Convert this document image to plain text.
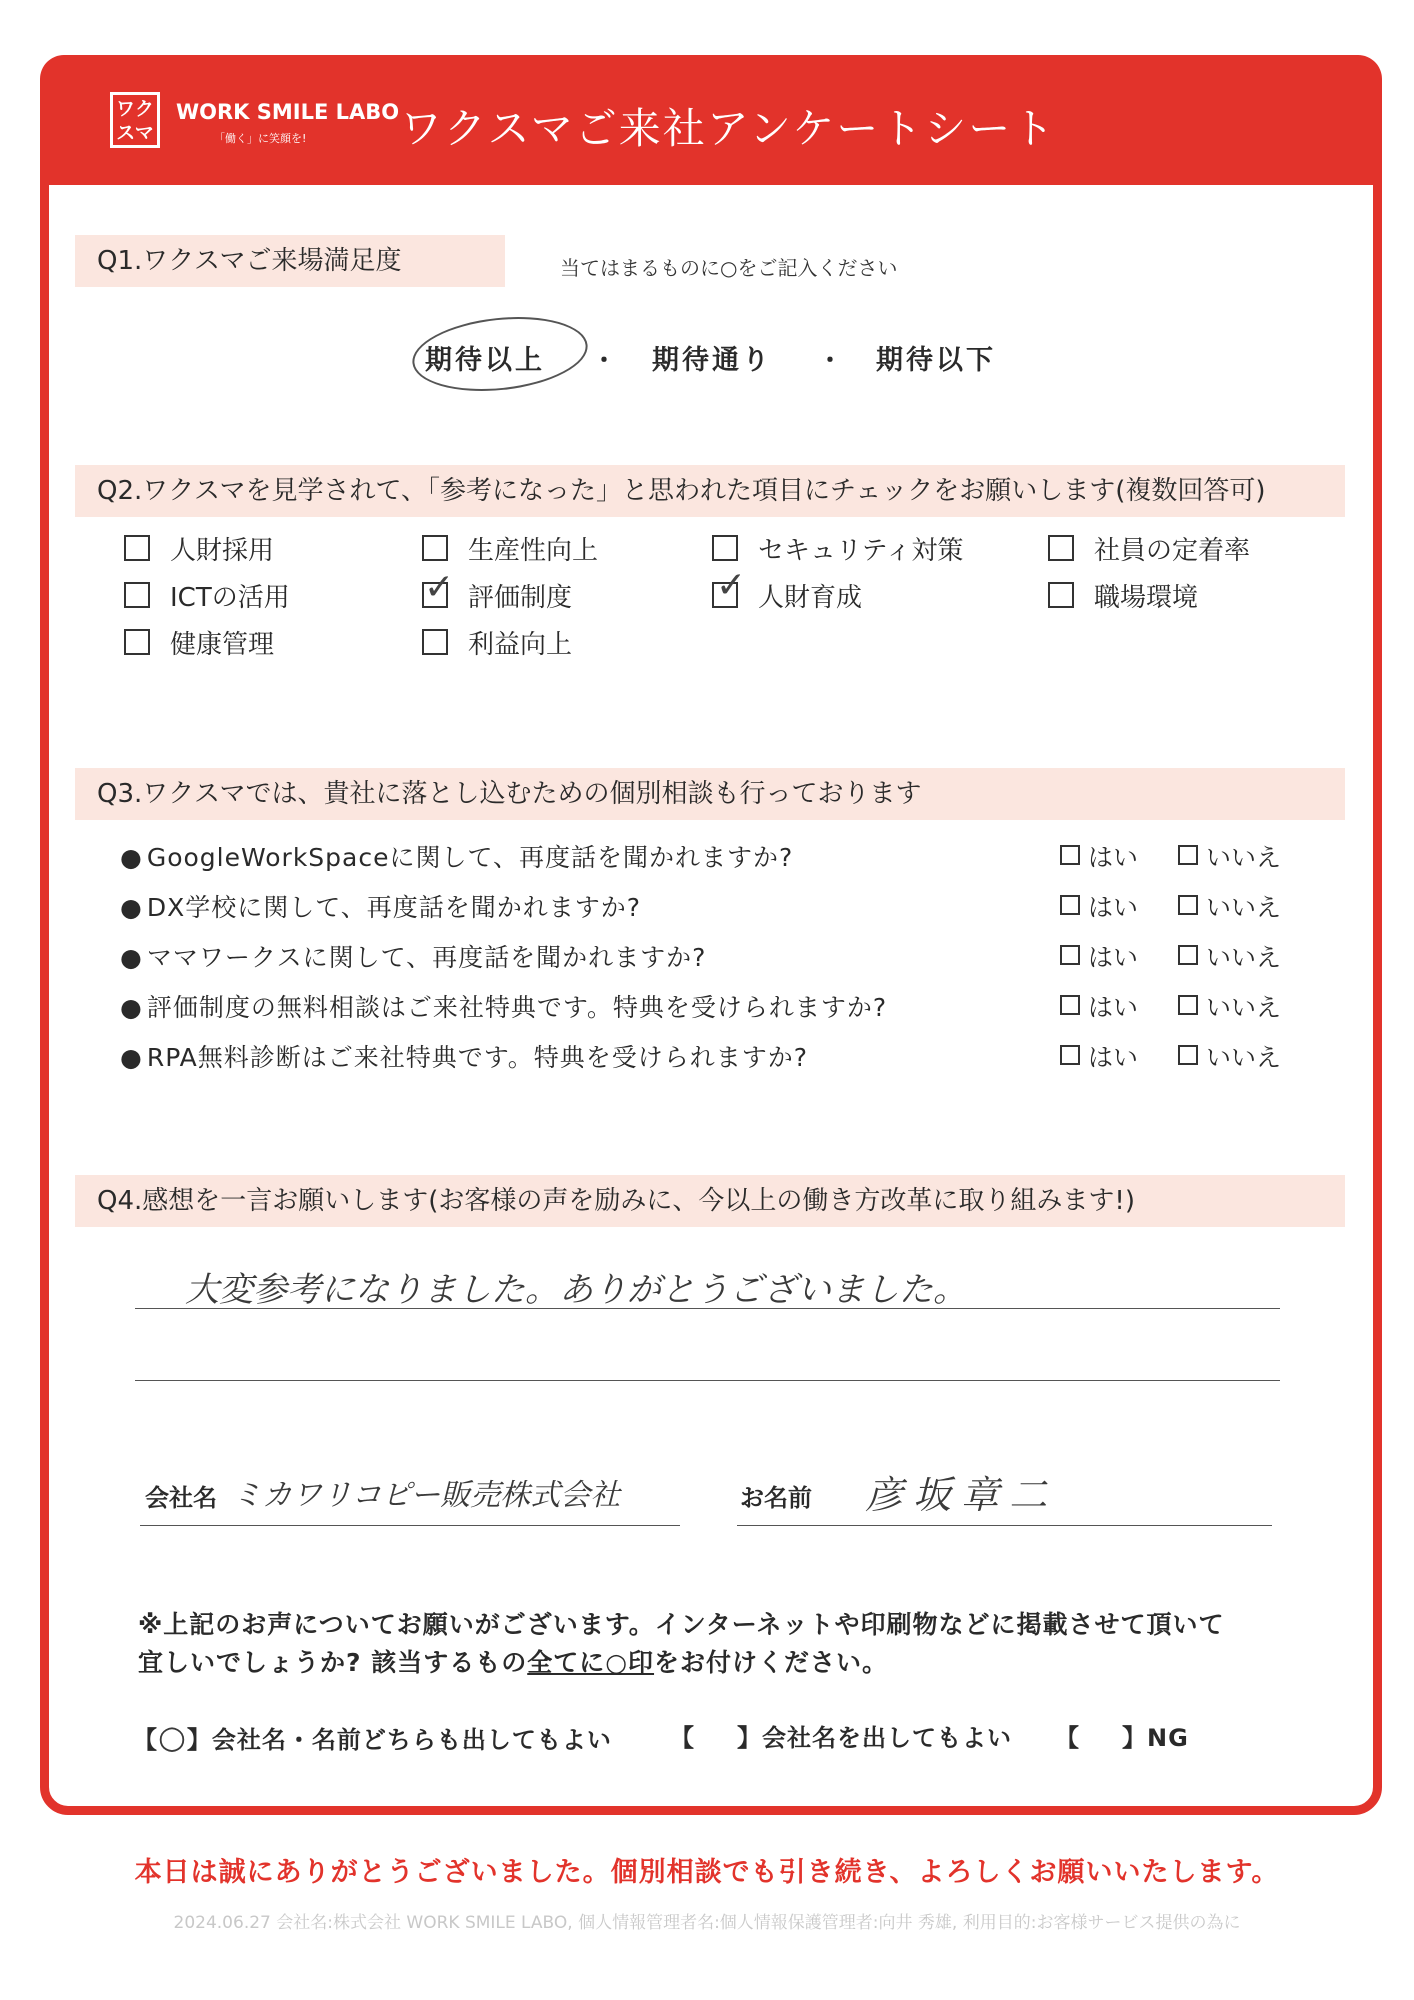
ワク
スマ
WORK SMILE LABO
「働く」に笑顔を! ワクスマご来社アンケートシート
Q1.ワクスマご来場満足度	当てはまるものに○をご記入ください
期待以上 ・ 期待通り ・ 期待以下
Q2.ワクスマを見学されて、「参考になった」と思われた項目にチェックをお願いします(複数回答可)
人財採用	生産性向上	セキュリティ対策	社員の定着率
ICTの活用	✓ 評価制度	✓ 人財育成	職場環境
健康管理	利益向上
Q3.ワクスマでは、貴社に落とし込むための個別相談も行っております
● GoogleWorkSpaceに関して、再度話を聞かれますか?	はい	いいえ
● DX学校に関して、再度話を聞かれますか?	はい	いいえ
● ママワークスに関して、再度話を聞かれますか?	はい	いいえ
● 評価制度の無料相談はご来社特典です。特典を受けられますか?	はい	いいえ
● RPA無料診断はご来社特典です。特典を受けられますか?	はい	いいえ
Q4.感想を一言お願いします(お客様の声を励みに、今以上の働き方改革に取り組みます!)
大変参考になりました。ありがとうございました。
会社名 ミカワリコピー販売株式会社	お名前 彦坂章二
※上記のお声についてお願いがございます。インターネットや印刷物などに掲載させて頂いて
宜しいでしょうか? 該当するもの全てに○印をお付けください。
【○】会社名・名前どちらも出してもよい 【 】会社名を出してもよい 【 】NG
本日は誠にありがとうございました。個別相談でも引き続き、よろしくお願いいたします。
2024.06.27 会社名:株式会社 WORK SMILE LABO, 個人情報管理者名:個人情報保護管理者:向井 秀雄, 利用目的:お客様サービス提供の為に
